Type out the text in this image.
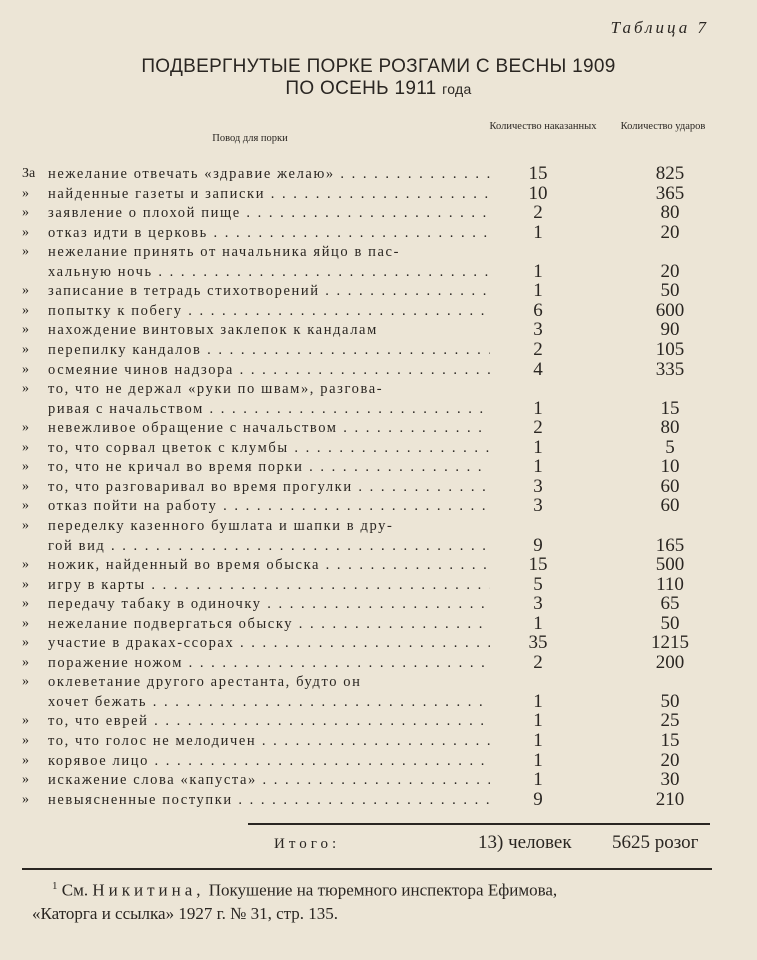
Таблица 7
ПОДВЕРГНУТЫЕ ПОРКЕ РОЗГАМИ С ВЕСНЫ 1909
ПО ОСЕНЬ 1911 года
Повод для порки
Количество наказанных	Количество ударов
За нежелание отвечать «здравие желаю» . . .	15	825
»	найденные газеты и записки . . .	10	365
»	заявление о плохой пище . . .	2	80
»	отказ идти в церковь . . .	1	20
»	нежелание принять от начальника яйцо в пас-
хальную ночь . . .	1	20
»	записание в тетрадь стихотворений . . .	1	50
»	попытку к побегу . . .	6	600
»	нахождение винтовых заклепок к кандалам	3	90
»	перепилку кандалов . . .	2	105
»	осмеяние чинов надзора . . .	4	335
»	то, что не держал «руки по швам», разгова-
ривая с начальством . . .	1	15
»	невежливое обращение с начальством . . .	2	80
»	то, что сорвал цветок с клумбы . . .	1	5
»	то, что не кричал во время порки . . .	1	10
»	то, что разговаривал во время прогулки . . .	3	60
»	отказ пойти на работу . . .	3	60
»	переделку казенного бушлата и шапки в дру-
гой вид . . .	9	165
»	ножик, найденный во время обыска . . .	15	500
»	игру в карты . . .	5	110
»	передачу табаку в одиночку . . .	3	65
»	нежелание подвергаться обыску . . .	1	50
»	участие в драках-ссорах . . .	35	1215
»	поражение ножом . . .	2	200
»	оклеветание другого арестанта, будто он
хочет бежать . . .	1	50
»	то, что еврей . . .	1	25
»	то, что голос не мелодичен . . .	1	15
»	корявое лицо . . .	1	20
»	искажение слова «капуста» . . .	1	30
»	невыясненные поступки . . .	9	210
Итого:	13) человек 5625 розог
$^1$ См. Никитина, Покушение на тюремного инспектора Ефимова,
«Каторга и ссылка» 1927 г. № 31, стр. 135.
